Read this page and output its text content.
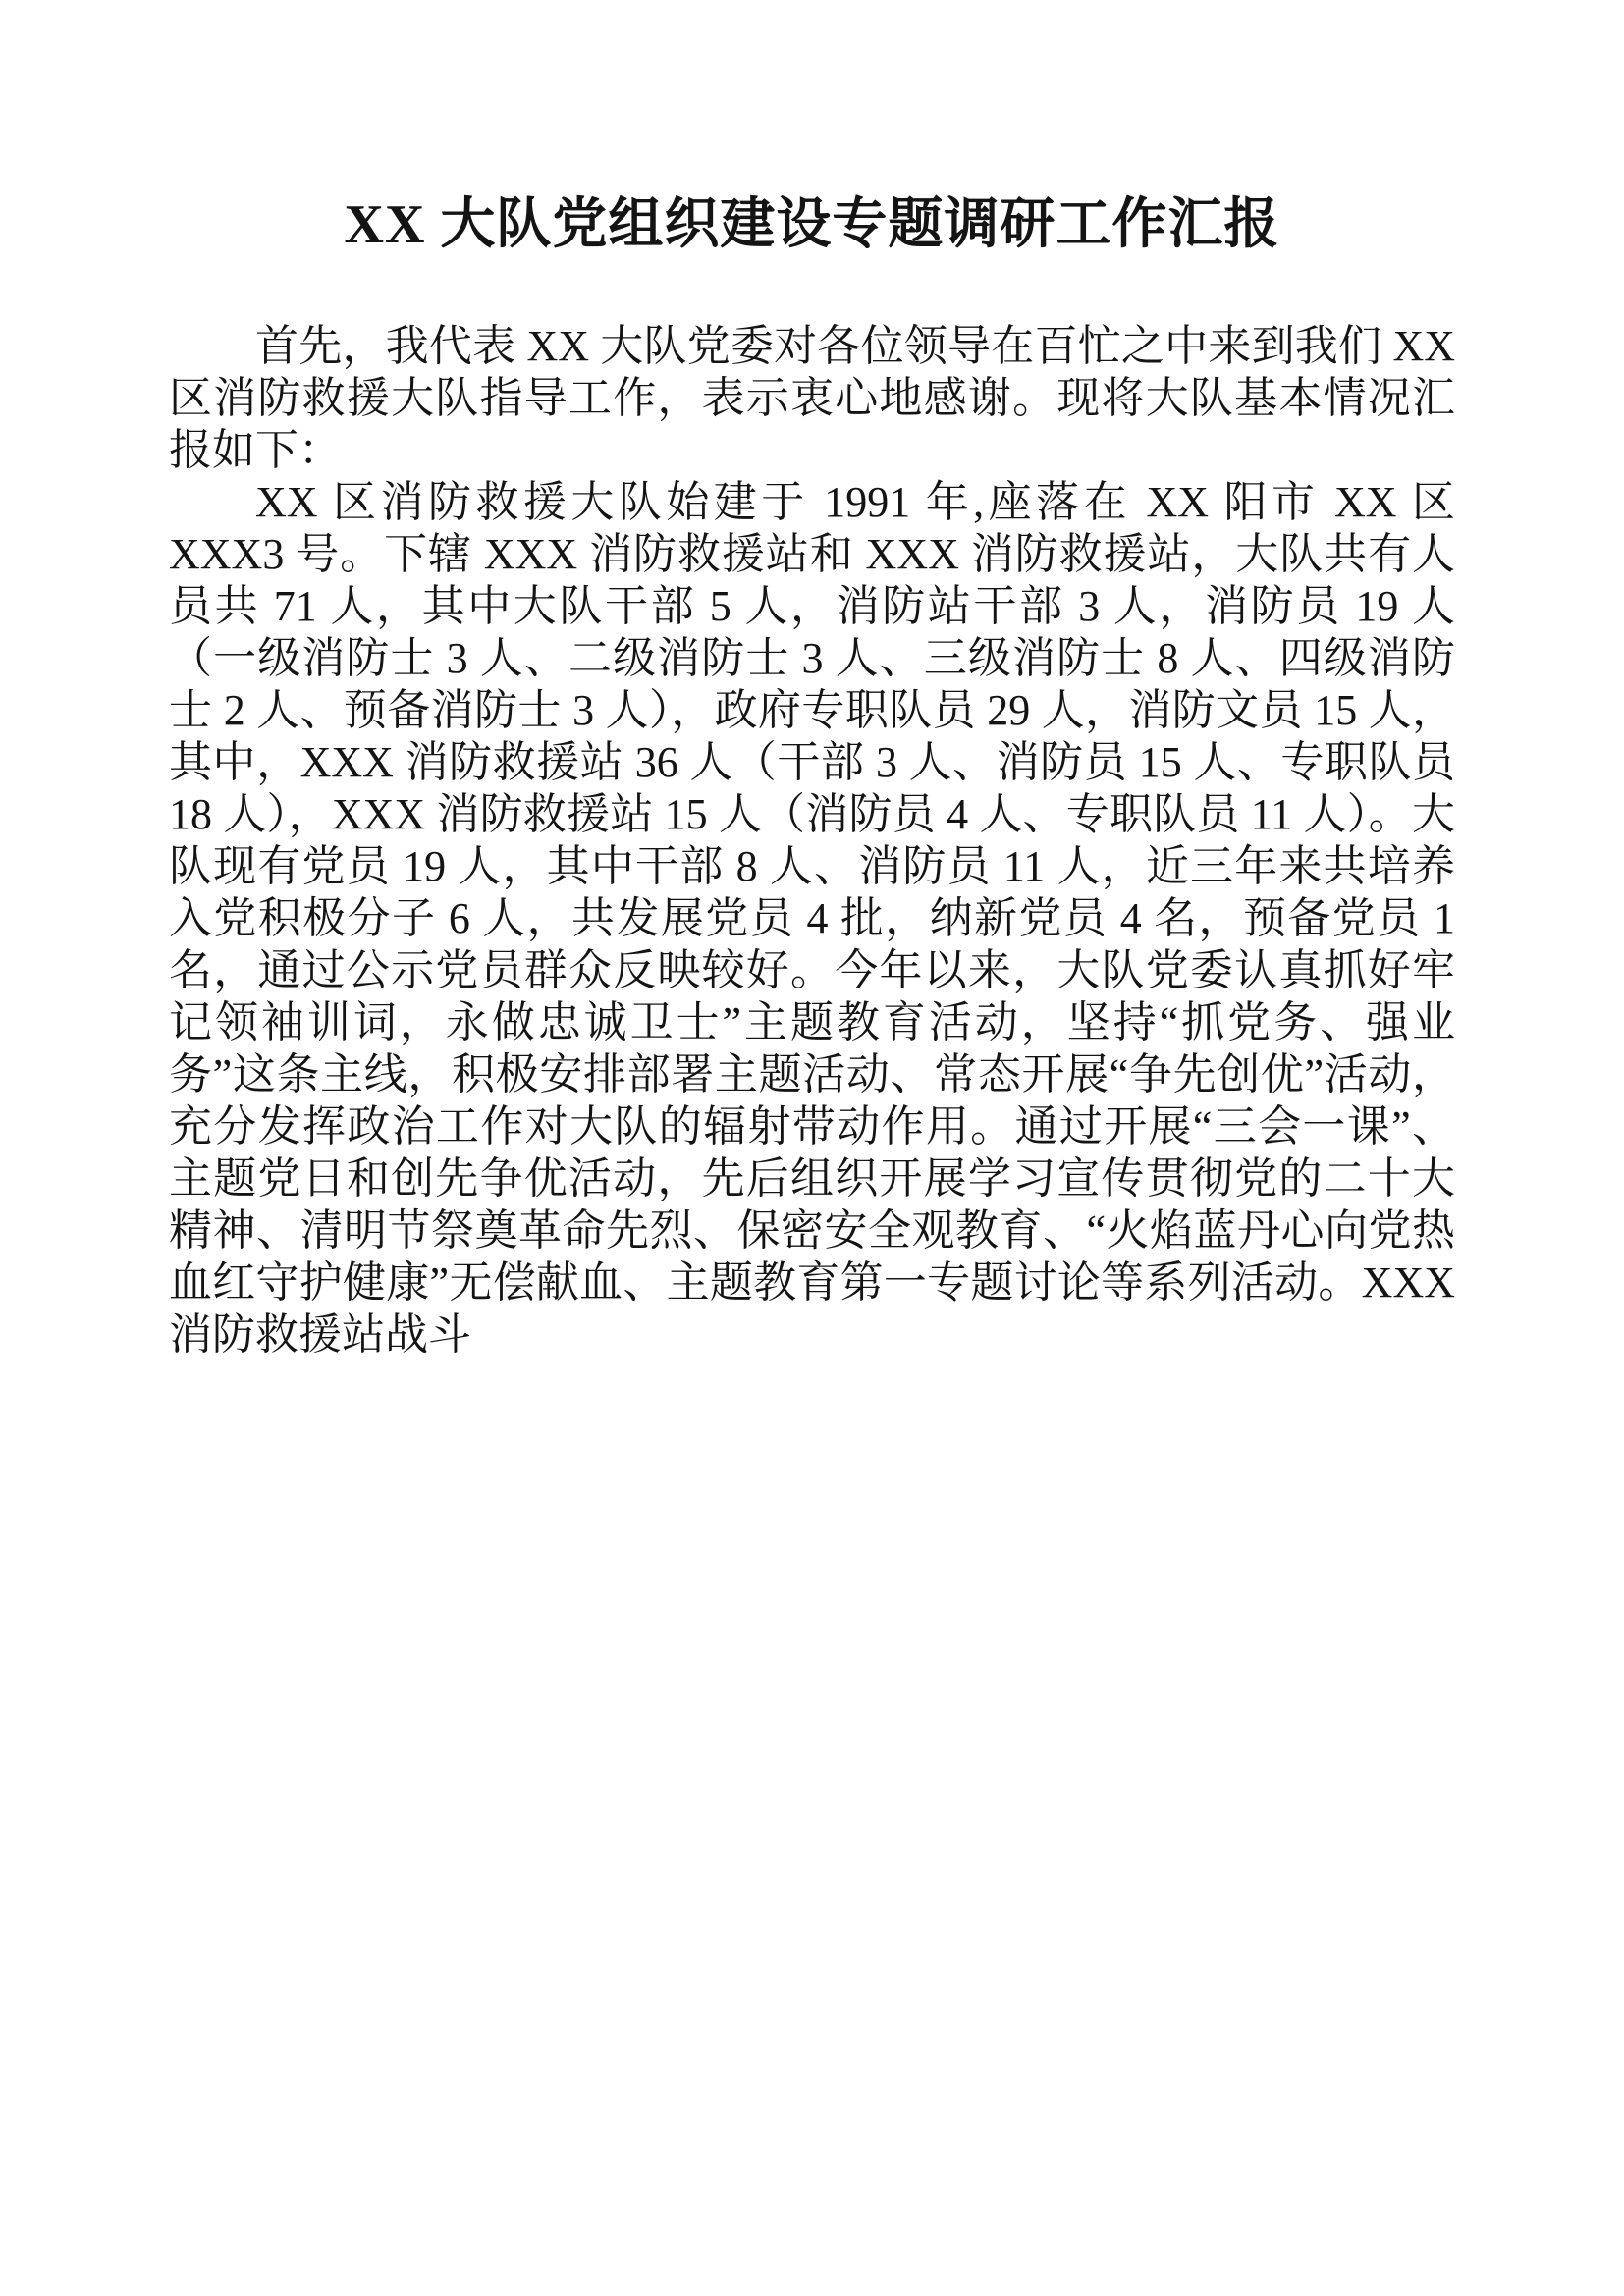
XX 大队党组织建设专题调研工作汇报

首先，我代表 XX 大队党委对各位领导在百忙之中来到我们 XX 区消防救援大队指导工作，表示衷心地感谢。现将大队基本情况汇报如下：

XX 区消防救援大队始建于 1991 年,座落在 XX 阳市 XX 区 XXX3 号。下辖 XXX 消防救援站和 XXX 消防救援站，大队共有人员共 71 人，其中大队干部 5 人，消防站干部 3 人，消防员 19 人（一级消防士 3 人、二级消防士 3 人、三级消防士 8 人、四级消防士 2 人、预备消防士 3 人），政府专职队员 29 人，消防文员 15 人，其中，XXX 消防救援站 36 人（干部 3 人、消防员 15 人、专职队员 18 人），XXX 消防救援站 15 人（消防员 4 人、专职队员 11 人）。大队现有党员 19 人，其中干部 8 人、消防员 11 人，近三年来共培养入党积极分子 6 人，共发展党员 4 批，纳新党员 4 名，预备党员 1 名，通过公示党员群众反映较好。今年以来，大队党委认真抓好牢记领袖训词，永做忠诚卫士”主题教育活动，坚持“抓党务、强业务”这条主线，积极安排部署主题活动、常态开展“争先创优”活动，充分发挥政治工作对大队的辐射带动作用。通过开展“三会一课”、主题党日和创先争优活动，先后组织开展学习宣传贯彻党的二十大精神、清明节祭奠革命先烈、保密安全观教育、“火焰蓝丹心向党热血红守护健康”无偿献血、主题教育第一专题讨论等系列活动。XXX 消防救援站战斗
